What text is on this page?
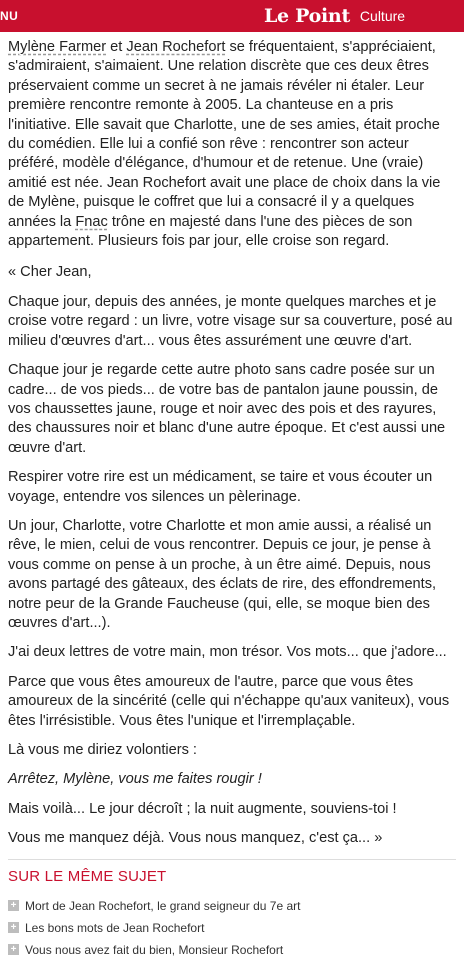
NU	Le Point Culture

Mylène Farmer et Jean Rochefort se fréquentaient, s'appréciaient, s'admiraient, s'aimaient. Une relation discrète que ces deux êtres préservaient comme un secret à ne jamais révéler ni étaler. Leur première rencontre remonte à 2005. La chanteuse en a pris l'initiative. Elle savait que Charlotte, une de ses amies, était proche du comédien. Elle lui a confié son rêve : rencontrer son acteur préféré, modèle d'élégance, d'humour et de retenue. Une (vraie) amitié est née. Jean Rochefort avait une place de choix dans la vie de Mylène, puisque le coffret que lui a consacré il y a quelques années la Fnac trône en majesté dans l'une des pièces de son appartement. Plusieurs fois par jour, elle croise son regard.

« Cher Jean,

Chaque jour, depuis des années, je monte quelques marches et je croise votre regard : un livre, votre visage sur sa couverture, posé au milieu d'œuvres d'art... vous êtes assurément une œuvre d'art.

Chaque jour je regarde cette autre photo sans cadre posée sur un cadre... de vos pieds... de votre bas de pantalon jaune poussin, de vos chaussettes jaune, rouge et noir avec des pois et des rayures, des chaussures noir et blanc d'une autre époque. Et c'est aussi une œuvre d'art.

Respirer votre rire est un médicament, se taire et vous écouter un voyage, entendre vos silences un pèlerinage.

Un jour, Charlotte, votre Charlotte et mon amie aussi, a réalisé un rêve, le mien, celui de vous rencontrer. Depuis ce jour, je pense à vous comme on pense à un proche, à un être aimé. Depuis, nous avons partagé des gâteaux, des éclats de rire, des effondrements, notre peur de la Grande Faucheuse (qui, elle, se moque bien des œuvres d'art...).

J'ai deux lettres de votre main, mon trésor. Vos mots... que j'adore...

Parce que vous êtes amoureux de l'autre, parce que vous êtes amoureux de la sincérité (celle qui n'échappe qu'aux vaniteux), vous êtes l'irrésistible. Vous êtes l'unique et l'irremplaçable.

Là vous me diriez volontiers :

Arrêtez, Mylène, vous me faites rougir !

Mais voilà... Le jour décroît ; la nuit augmente, souviens-toi !

Vous me manquez déjà. Vous nous manquez, c'est ça... »

SUR LE MÊME SUJET
+ Mort de Jean Rochefort, le grand seigneur du 7e art
+ Les bons mots de Jean Rochefort
+ Vous nous avez fait du bien, Monsieur Rochefort
